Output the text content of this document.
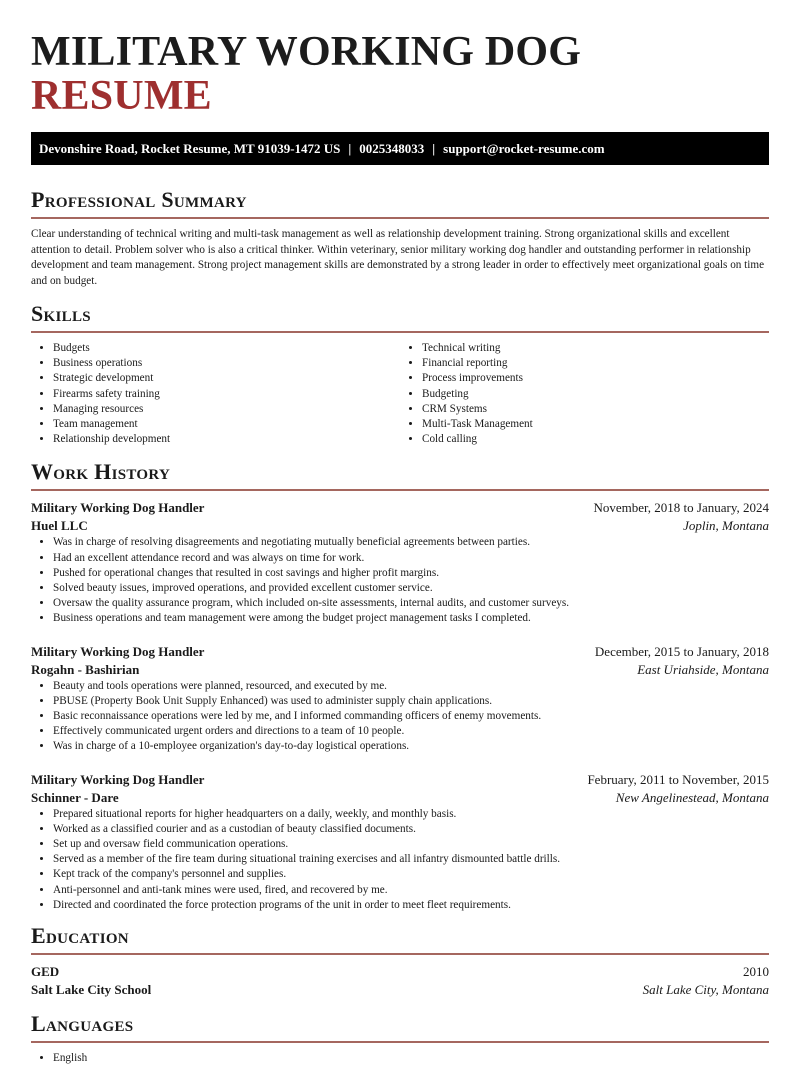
MILITARY WORKING DOG RESUME
Devonshire Road, Rocket Resume, MT 91039-1472 US | 0025348033 | support@rocket-resume.com
Professional Summary

Clear understanding of technical writing and multi-task management as well as relationship development training. Strong organizational skills and excellent attention to detail. Problem solver who is also a critical thinker. Within veterinary, senior military working dog handler and outstanding performer in relationship development and team management. Strong project management skills are demonstrated by a strong leader in order to effectively meet organizational goals on time and on budget.

Skills
• Budgets
• Business operations
• Strategic development
• Firearms safety training
• Managing resources
• Team management
• Relationship development
• Technical writing
• Financial reporting
• Process improvements
• Budgeting
• CRM Systems
• Multi-Task Management
• Cold calling
Work History
Military Working Dog Handler	November, 2018 to January, 2024
Huel LLC	Joplin, Montana
• Was in charge of resolving disagreements and negotiating mutually beneficial agreements between parties.
• Had an excellent attendance record and was always on time for work.
• Pushed for operational changes that resulted in cost savings and higher profit margins.
• Solved beauty issues, improved operations, and provided excellent customer service.
• Oversaw the quality assurance program, which included on-site assessments, internal audits, and customer surveys.
• Business operations and team management were among the budget project management tasks I completed.
Military Working Dog Handler	December, 2015 to January, 2018
Rogahn - Bashirian	East Uriahside, Montana
• Beauty and tools operations were planned, resourced, and executed by me.
• PBUSE (Property Book Unit Supply Enhanced) was used to administer supply chain applications.
• Basic reconnaissance operations were led by me, and I informed commanding officers of enemy movements.
• Effectively communicated urgent orders and directions to a team of 10 people.
• Was in charge of a 10-employee organization's day-to-day logistical operations.
Military Working Dog Handler	February, 2011 to November, 2015
Schinner - Dare	New Angelinestead, Montana
• Prepared situational reports for higher headquarters on a daily, weekly, and monthly basis.
• Worked as a classified courier and as a custodian of beauty classified documents.
• Set up and oversaw field communication operations.
• Served as a member of the fire team during situational training exercises and all infantry dismounted battle drills.
• Kept track of the company's personnel and supplies.
• Anti-personnel and anti-tank mines were used, fired, and recovered by me.
• Directed and coordinated the force protection programs of the unit in order to meet fleet requirements.
Education
GED	2010
Salt Lake City School	Salt Lake City, Montana
Languages
• English
